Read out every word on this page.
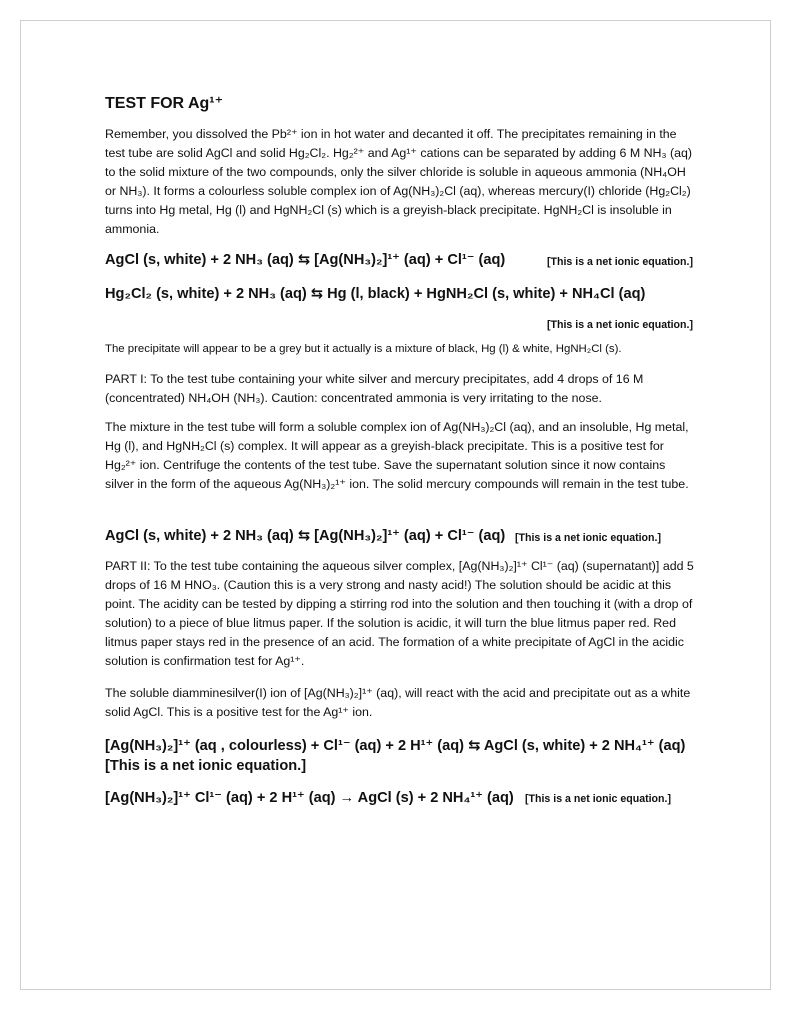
TEST FOR Ag¹⁺
Remember, you dissolved the Pb²⁺ ion in hot water and decanted it off. The precipitates remaining in the test tube are solid AgCl and solid Hg₂Cl₂. Hg₂²⁺ and Ag¹⁺ cations can be separated by adding 6 M NH₃ (aq) to the solid mixture of the two compounds, only the silver chloride is soluble in aqueous ammonia (NH₄OH or NH₃). It forms a colourless soluble complex ion of Ag(NH₃)₂Cl (aq), whereas mercury(I) chloride (Hg₂Cl₂) turns into Hg metal, Hg (l) and HgNH₂Cl (s) which is a greyish-black precipitate. HgNH₂Cl is insoluble in ammonia.
AgCl (s, white) + 2 NH₃ (aq) ⇆ [Ag(NH₃)₂]¹⁺ (aq) + Cl¹⁻ (aq)	[This is a net ionic equation.]
Hg₂Cl₂ (s, white) + 2 NH₃ (aq) ⇆ Hg (l, black) + HgNH₂Cl (s, white) + NH₄Cl (aq)
[This is a net ionic equation.]
The precipitate will appear to be a grey but it actually is a mixture of black, Hg (l) & white, HgNH₂Cl (s).
PART I: To the test tube containing your white silver and mercury precipitates, add 4 drops of 16 M (concentrated) NH₄OH (NH₃). Caution: concentrated ammonia is very irritating to the nose.
The mixture in the test tube will form a soluble complex ion of Ag(NH₃)₂Cl (aq), and an insoluble, Hg metal, Hg (l), and HgNH₂Cl (s) complex. It will appear as a greyish-black precipitate. This is a positive test for Hg₂²⁺ ion. Centrifuge the contents of the test tube. Save the supernatant solution since it now contains silver in the form of the aqueous Ag(NH₃)₂¹⁺ ion. The solid mercury compounds will remain in the test tube.
AgCl (s, white) + 2 NH₃ (aq) ⇆ [Ag(NH₃)₂]¹⁺ (aq) + Cl¹⁻ (aq) [This is a net ionic equation.]
PART II: To the test tube containing the aqueous silver complex, [Ag(NH₃)₂]¹⁺ Cl¹⁻ (aq) (supernatant)] add 5 drops of 16 M HNO₃. (Caution this is a very strong and nasty acid!) The solution should be acidic at this point. The acidity can be tested by dipping a stirring rod into the solution and then touching it (with a drop of solution) to a piece of blue litmus paper. If the solution is acidic, it will turn the blue litmus paper red. Red litmus paper stays red in the presence of an acid. The formation of a white precipitate of AgCl in the acidic solution is confirmation test for Ag¹⁺.
The soluble diamminesilver(I) ion of [Ag(NH₃)₂]¹⁺ (aq), will react with the acid and precipitate out as a white solid AgCl. This is a positive test for the Ag¹⁺ ion.
[Ag(NH₃)₂]¹⁺ (aq , colourless) + Cl¹⁻ (aq) + 2 H¹⁺ (aq) ⇆ AgCl (s, white) + 2 NH₄¹⁺ (aq) [This is a net ionic equation.]
[Ag(NH₃)₂]¹⁺ Cl¹⁻ (aq) + 2 H¹⁺ (aq) → AgCl (s) + 2 NH₄¹⁺ (aq)	[This is a net ionic equation.]
